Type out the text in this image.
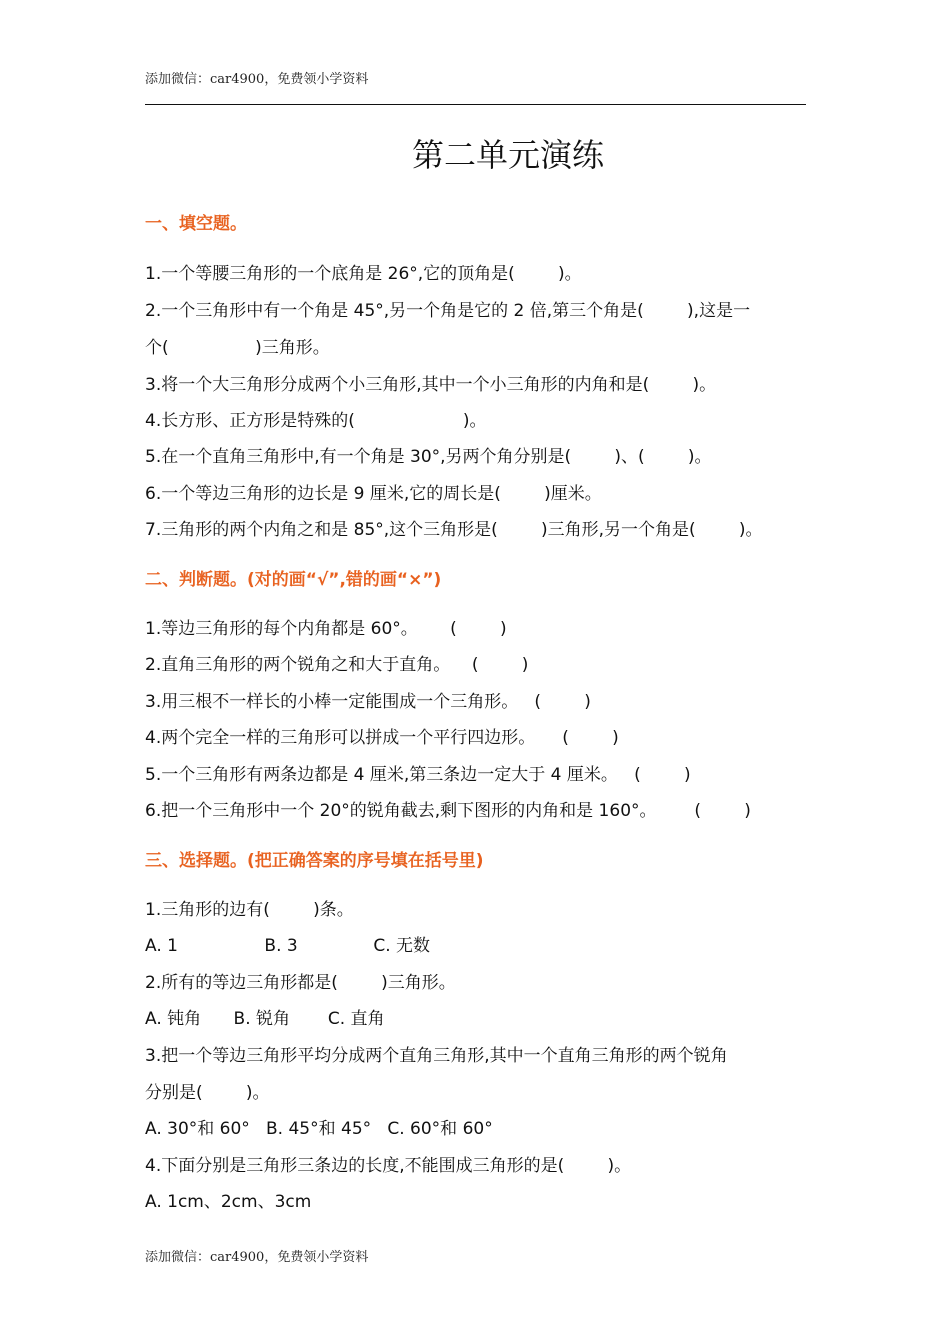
添加微信：car4900，免费领小学资料
第二单元演练
一、填空题。
1.一个等腰三角形的一个底角是 26°,它的顶角是(        )。
2.一个三角形中有一个角是 45°,另一个角是它的 2 倍,第三个角是(        ),这是一
个(                )三角形。
3.将一个大三角形分成两个小三角形,其中一个小三角形的内角和是(        )。
4.长方形、正方形是特殊的(                    )。
5.在一个直角三角形中,有一个角是 30°,另两个角分别是(        )、(        )。
6.一个等边三角形的边长是 9 厘米,它的周长是(        )厘米。
7.三角形的两个内角之和是 85°,这个三角形是(        )三角形,另一个角是(        )。
二、判断题。(对的画“√”,错的画“×”)
1.等边三角形的每个内角都是 60°。      (        )
2.直角三角形的两个锐角之和大于直角。    (        )
3.用三根不一样长的小棒一定能围成一个三角形。   (        )
4.两个完全一样的三角形可以拼成一个平行四边形。     (        )
5.一个三角形有两条边都是 4 厘米,第三条边一定大于 4 厘米。   (        )
6.把一个三角形中一个 20°的锐角截去,剩下图形的内角和是 160°。       (        )
三、选择题。(把正确答案的序号填在括号里)
1.三角形的边有(        )条。
A. 1                B. 3              C. 无数
2.所有的等边三角形都是(        )三角形。
A. 钝角      B. 锐角       C. 直角
3.把一个等边三角形平均分成两个直角三角形,其中一个直角三角形的两个锐角
分别是(        )。
A. 30°和 60°   B. 45°和 45°   C. 60°和 60°
4.下面分别是三角形三条边的长度,不能围成三角形的是(        )。
A. 1cm、2cm、3cm
添加微信：car4900，免费领小学资料
